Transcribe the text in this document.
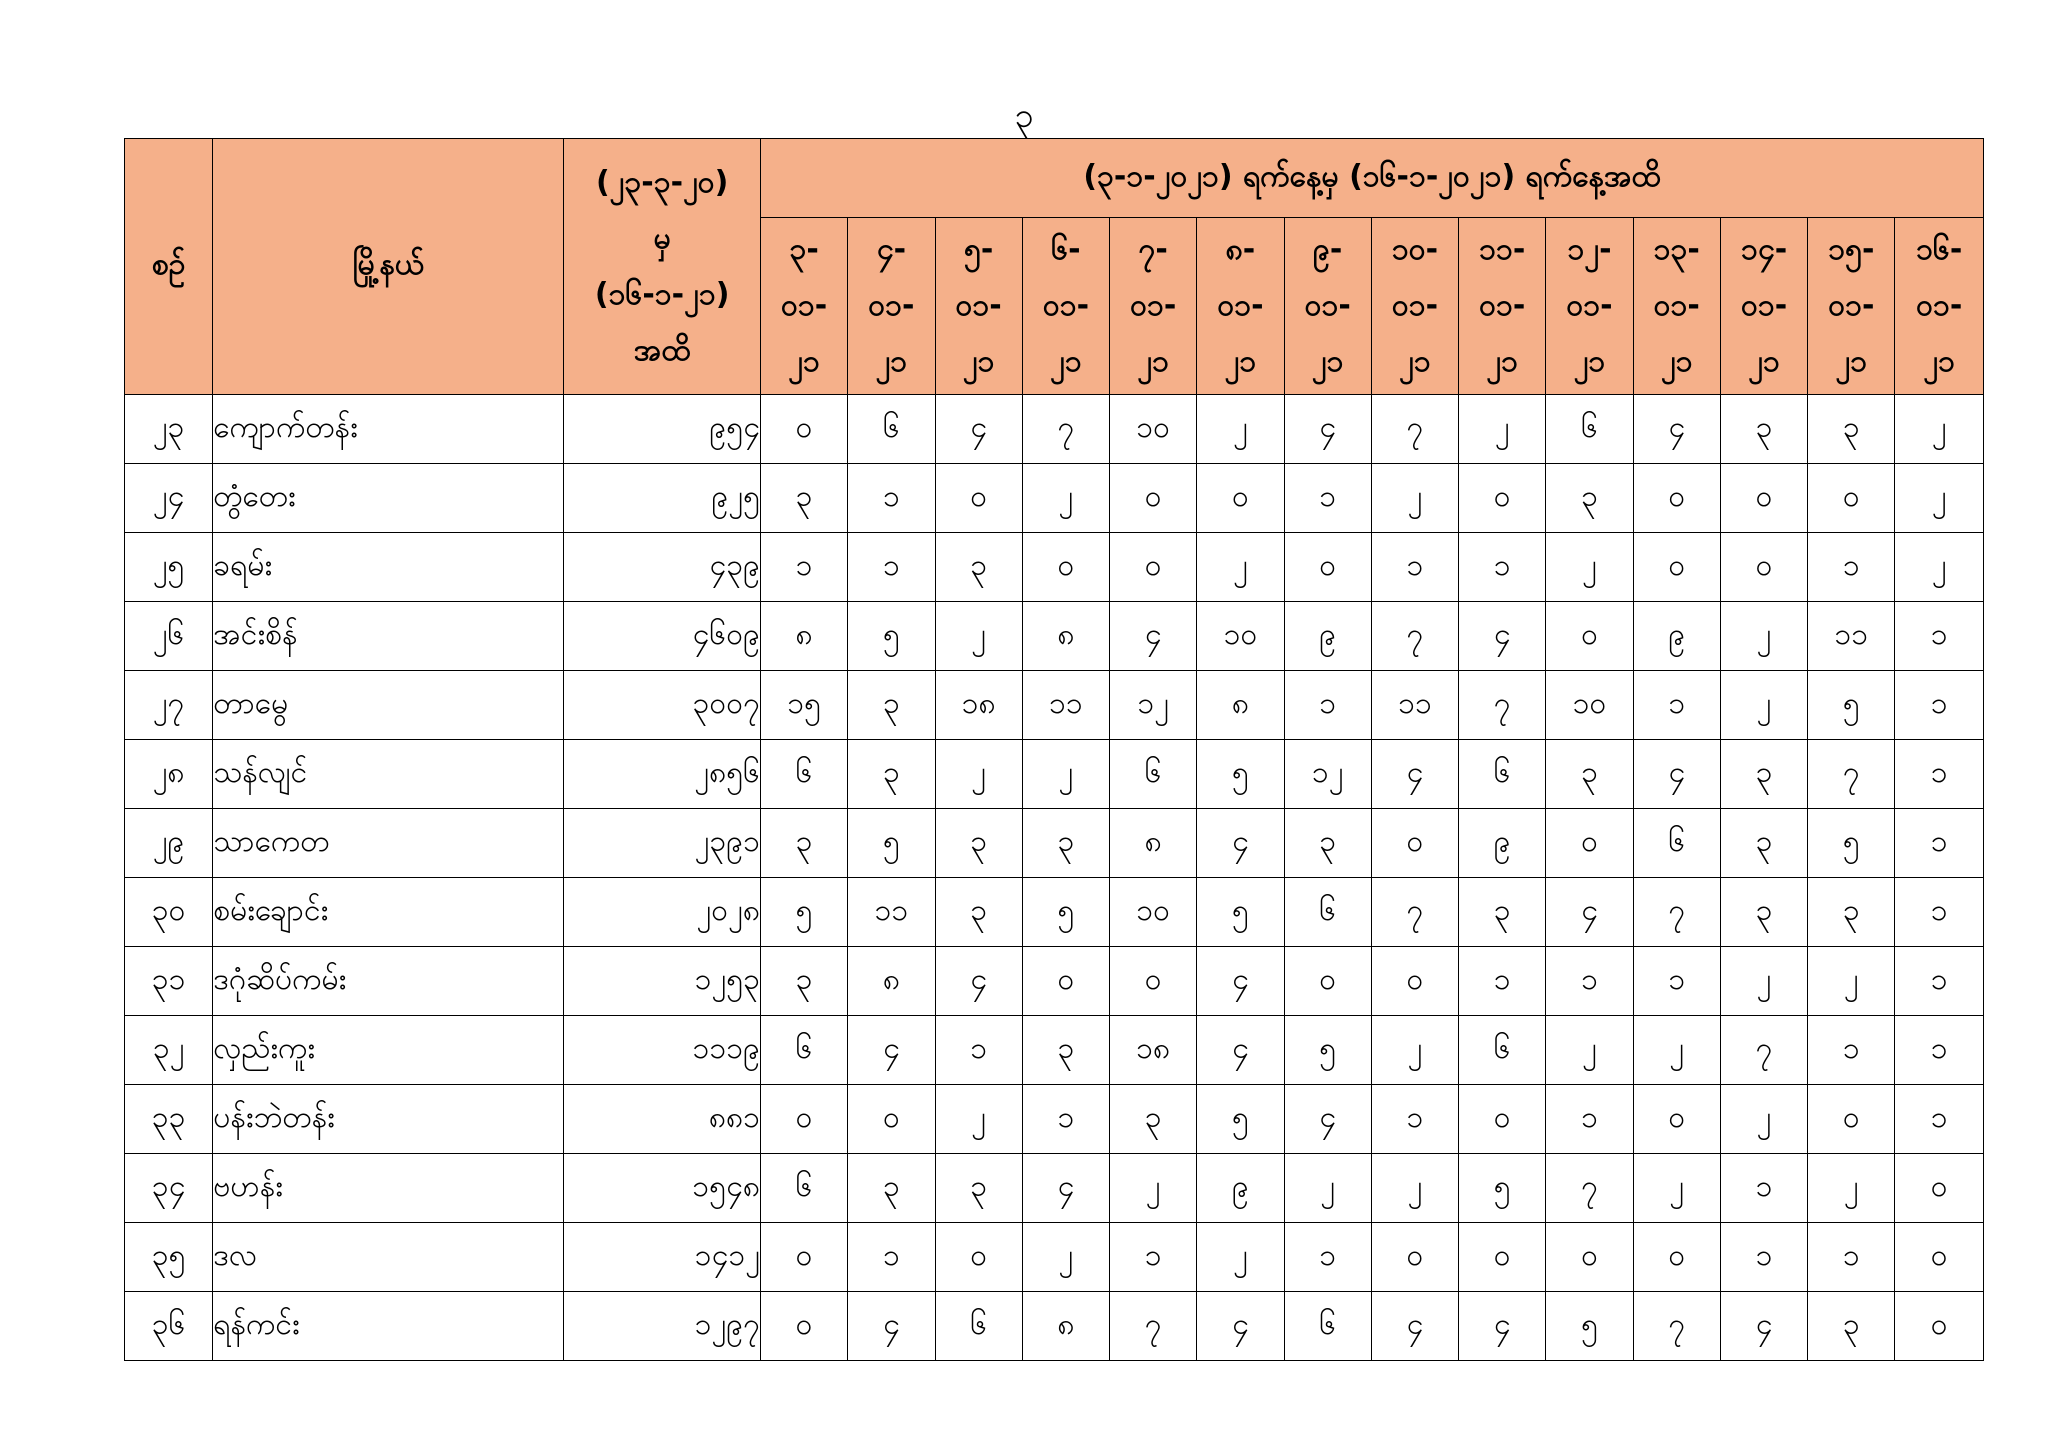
၃
စဉ်	မြို့နယ်	(၂၃-၃-၂၀)
မှ
(၁၆-၁-၂၁)
အထိ	(၃-၁-၂၀၂၁) ရက်နေ့မှ (၁၆-၁-၂၀၂၁) ရက်နေ့အထိ													

			၃-
၀၁-
၂၁	၄-
၀၁-
၂၁	၅-
၀၁-
၂၁	၆-
၀၁-
၂၁	၇-
၀၁-
၂၁	၈-
၀၁-
၂၁	၉-
၀၁-
၂၁	၁၀-
၀၁-
၂၁	၁၁-
၀၁-
၂၁	၁၂-
၀၁-
၂၁	၁၃-
၀၁-
၂၁	၁၄-
၀၁-
၂၁	၁၅-
၀၁-
၂၁	၁၆-
၀၁-
၂၁

၂၃	ကျောက်တန်း	၉၅၄	၀	၆	၄	၇	၁၀	၂	၄	၇	၂	၆	၄	၃	၃	၂
၂၄	တွံတေး	၉၂၅	၃	၁	၀	၂	၀	၀	၁	၂	၀	၃	၀	၀	၀	၂
၂၅	ခရမ်း	၄၃၉	၁	၁	၃	၀	၀	၂	၀	၁	၁	၂	၀	၀	၁	၂
၂၆	အင်းစိန်	၄၆၀၉	၈	၅	၂	၈	၄	၁၀	၉	၇	၄	၀	၉	၂	၁၁	၁
၂၇	တာမွေ	၃၀၀၇	၁၅	၃	၁၈	၁၁	၁၂	၈	၁	၁၁	၇	၁၀	၁	၂	၅	၁
၂၈	သန်လျင်	၂၈၅၆	၆	၃	၂	၂	၆	၅	၁၂	၄	၆	၃	၄	၃	၇	၁
၂၉	သာကေတ	၂၃၉၁	၃	၅	၃	၃	၈	၄	၃	၀	၉	၀	၆	၃	၅	၁
၃၀	စမ်းချောင်း	၂၀၂၈	၅	၁၁	၃	၅	၁၀	၅	၆	၇	၃	၄	၇	၃	၃	၁
၃၁	ဒဂုံဆိပ်ကမ်း	၁၂၅၃	၃	၈	၄	၀	၀	၄	၀	၀	၁	၁	၁	၂	၂	၁
၃၂	လှည်းကူး	၁၁၁၉	၆	၄	၁	၃	၁၈	၄	၅	၂	၆	၂	၂	၇	၁	၁
၃၃	ပန်းဘဲတန်း	၈၈၁	၀	၀	၂	၁	၃	၅	၄	၁	၀	၁	၀	၂	၀	၁
၃၄	ဗဟန်း	၁၅၄၈	၆	၃	၃	၄	၂	၉	၂	၂	၅	၇	၂	၁	၂	၀
၃၅	ဒလ	၁၄၁၂	၀	၁	၀	၂	၁	၂	၁	၀	၀	၀	၀	၁	၁	၀
၃၆	ရန်ကင်း	၁၂၉၇	၀	၄	၆	၈	၇	၄	၆	၄	၄	၅	၇	၄	၃	၀
